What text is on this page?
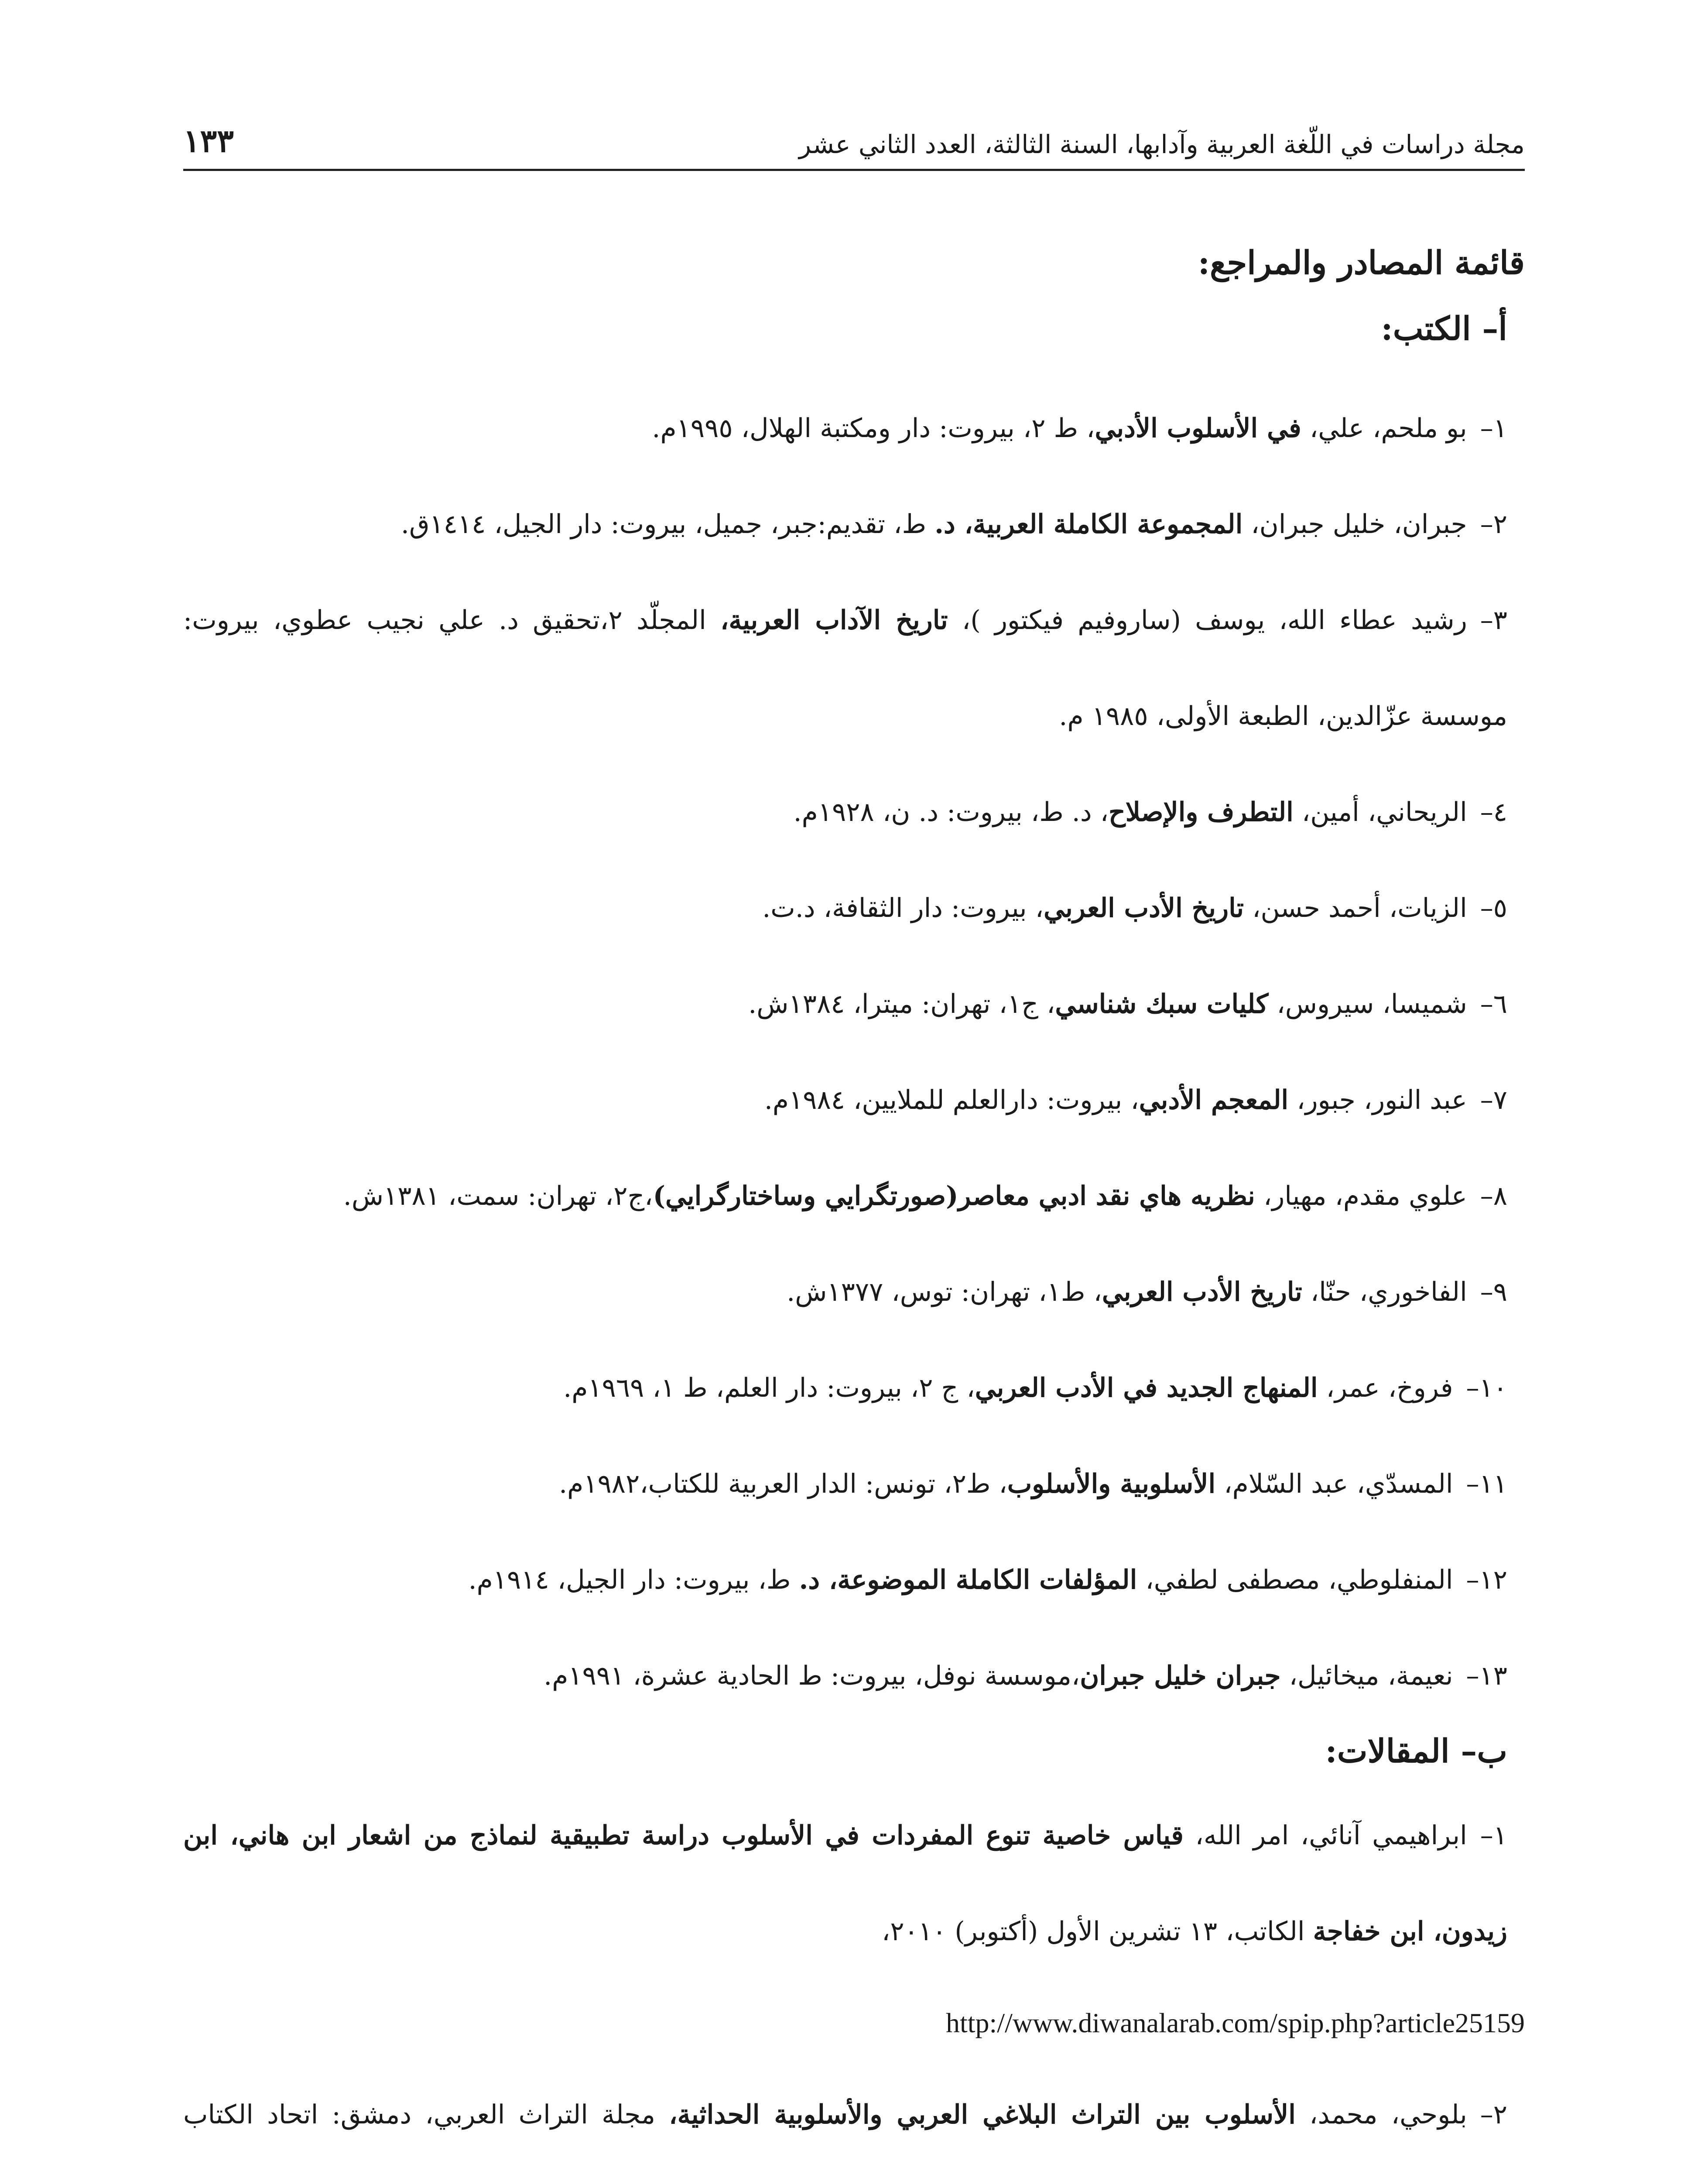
١٣٣	مجلة دراسات في اللّغة العربية وآدابها، السنة الثالثة، العدد الثاني عشر

قائمة المصادر والمراجع:

أ– الكتب:

١–بو ملحم، علي، في الأسلوب الأدبي، ط ٢، بيروت: دار ومكتبة الهلال، ١٩٩٥م.

٢–جبران، خليل جبران، المجموعة الكاملة العربية، د. ط، تقديم:جبر، جميل، بيروت: دار الجيل، ١٤١٤ق.

٣–رشيد عطاء الله، يوسف (ساروفيم فيكتور )، تاريخ الآداب العربية، المجلّد ٢،تحقيق د. علي نجيب عطوي، بيروت: موسسة عزّالدين، الطبعة الأولى، ١٩٨٥ م.

٤–الريحاني، أمين، التطرف والإصلاح، د. ط، بيروت: د. ن، ١٩٢٨م.

٥–الزيات، أحمد حسن، تاريخ الأدب العربي، بيروت: دار الثقافة، د.ت.

٦–شميسا، سيروس، كليات سبك شناسي، ج١، تهران: ميترا، ١٣٨٤ش.

٧–عبد النور، جبور، المعجم الأدبي، بيروت: دارالعلم للملايين، ١٩٨٤م.

٨–علوي مقدم، مهيار، نظريه هاي نقد ادبي معاصر(صورتگرايي وساختارگرايي)،ج٢، تهران: سمت، ١٣٨١ش.

٩–الفاخوري، حنّا، تاريخ الأدب العربي، ط١، تهران: توس، ١٣٧٧ش.

١٠–فروخ، عمر، المنهاج الجديد في الأدب العربي، ج ٢، بيروت: دار العلم، ط ١، ١٩٦٩م.

١١–المسدّي، عبد السّلام، الأسلوبية والأسلوب، ط٢، تونس: الدار العربية للكتاب،١٩٨٢م.

١٢–المنفلوطي، مصطفى لطفي، المؤلفات الكاملة الموضوعة، د. ط، بيروت: دار الجيل، ١٩١٤م.

١٣–نعيمة، ميخائيل، جبران خليل جبران،موسسة نوفل، بيروت: ط الحادية عشرة، ١٩٩١م.

ب– المقالات:

١–ابراهيمي آنائي، امر الله، قياس خاصية تنوع المفردات في الأسلوب دراسة تطبيقية لنماذج من اشعار ابن هاني، ابن زيدون، ابن خفاجة الكاتب، ١٣ تشرين الأول (أكتوبر) ٢٠١٠،

http://www.diwanalarab.com/spip.php?article25159

٢–بلوحي، محمد، الأسلوب بين التراث البلاغي العربي والأسلوبية الحداثية، مجلة التراث العربي، دمشق: اتحاد الكتاب
